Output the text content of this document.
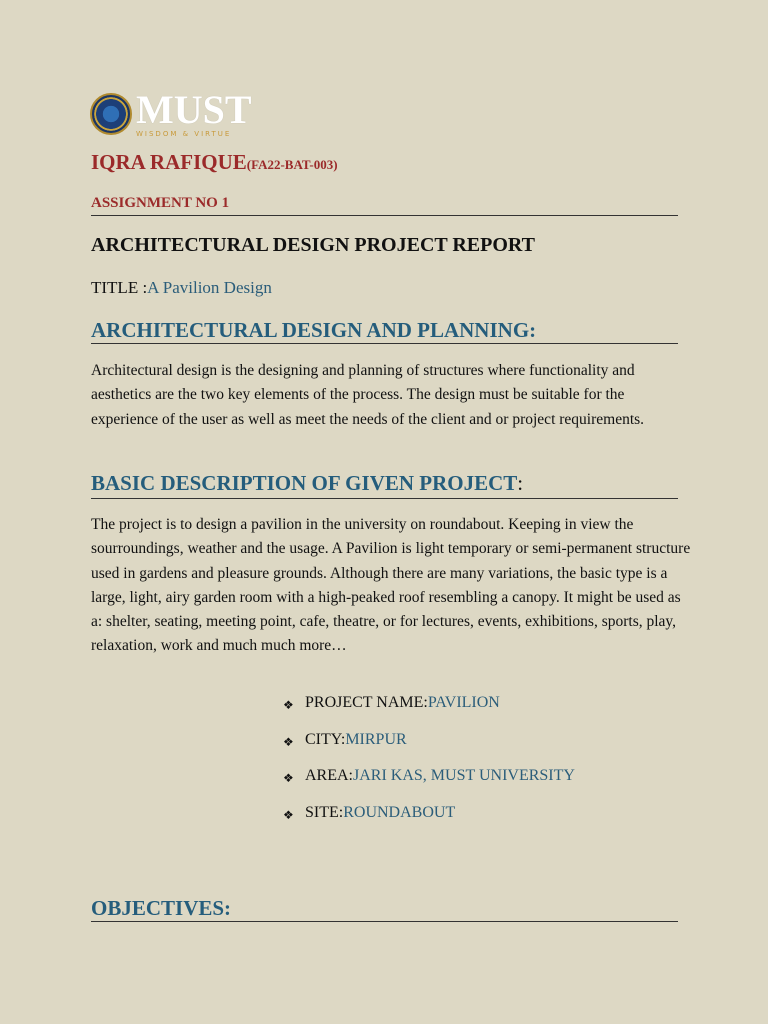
MUST
WISDOM & VIRTUE
IQRA RAFIQUE(FA22-BAT-003)
ASSIGNMENT NO 1
ARCHITECTURAL DESIGN PROJECT REPORT
TITLE :A Pavilion Design
ARCHITECTURAL DESIGN AND PLANNING:
Architectural design is the designing and planning of structures where functionality and aesthetics are the two key elements of the process. The design must be suitable for the experience of the user as well as meet the needs of the client and or project requirements.
BASIC DESCRIPTION OF GIVEN PROJECT:
The project is to design a pavilion in the university on roundabout. Keeping in view the sourroundings, weather and the usage. A Pavilion is light temporary or semi-permanent structure used in gardens and pleasure grounds. Although there are many variations, the basic type is a large, light, airy garden room with a high-peaked roof resembling a canopy. It might be used as a: shelter, seating, meeting point, cafe, theatre, or for lectures, events, exhibitions, sports, play, relaxation, work and much much more…
❖ PROJECT NAME: PAVILION
❖ CITY: MIRPUR
❖ AREA: JARI KAS, MUST UNIVERSITY
❖ SITE: ROUNDABOUT
OBJECTIVES:
